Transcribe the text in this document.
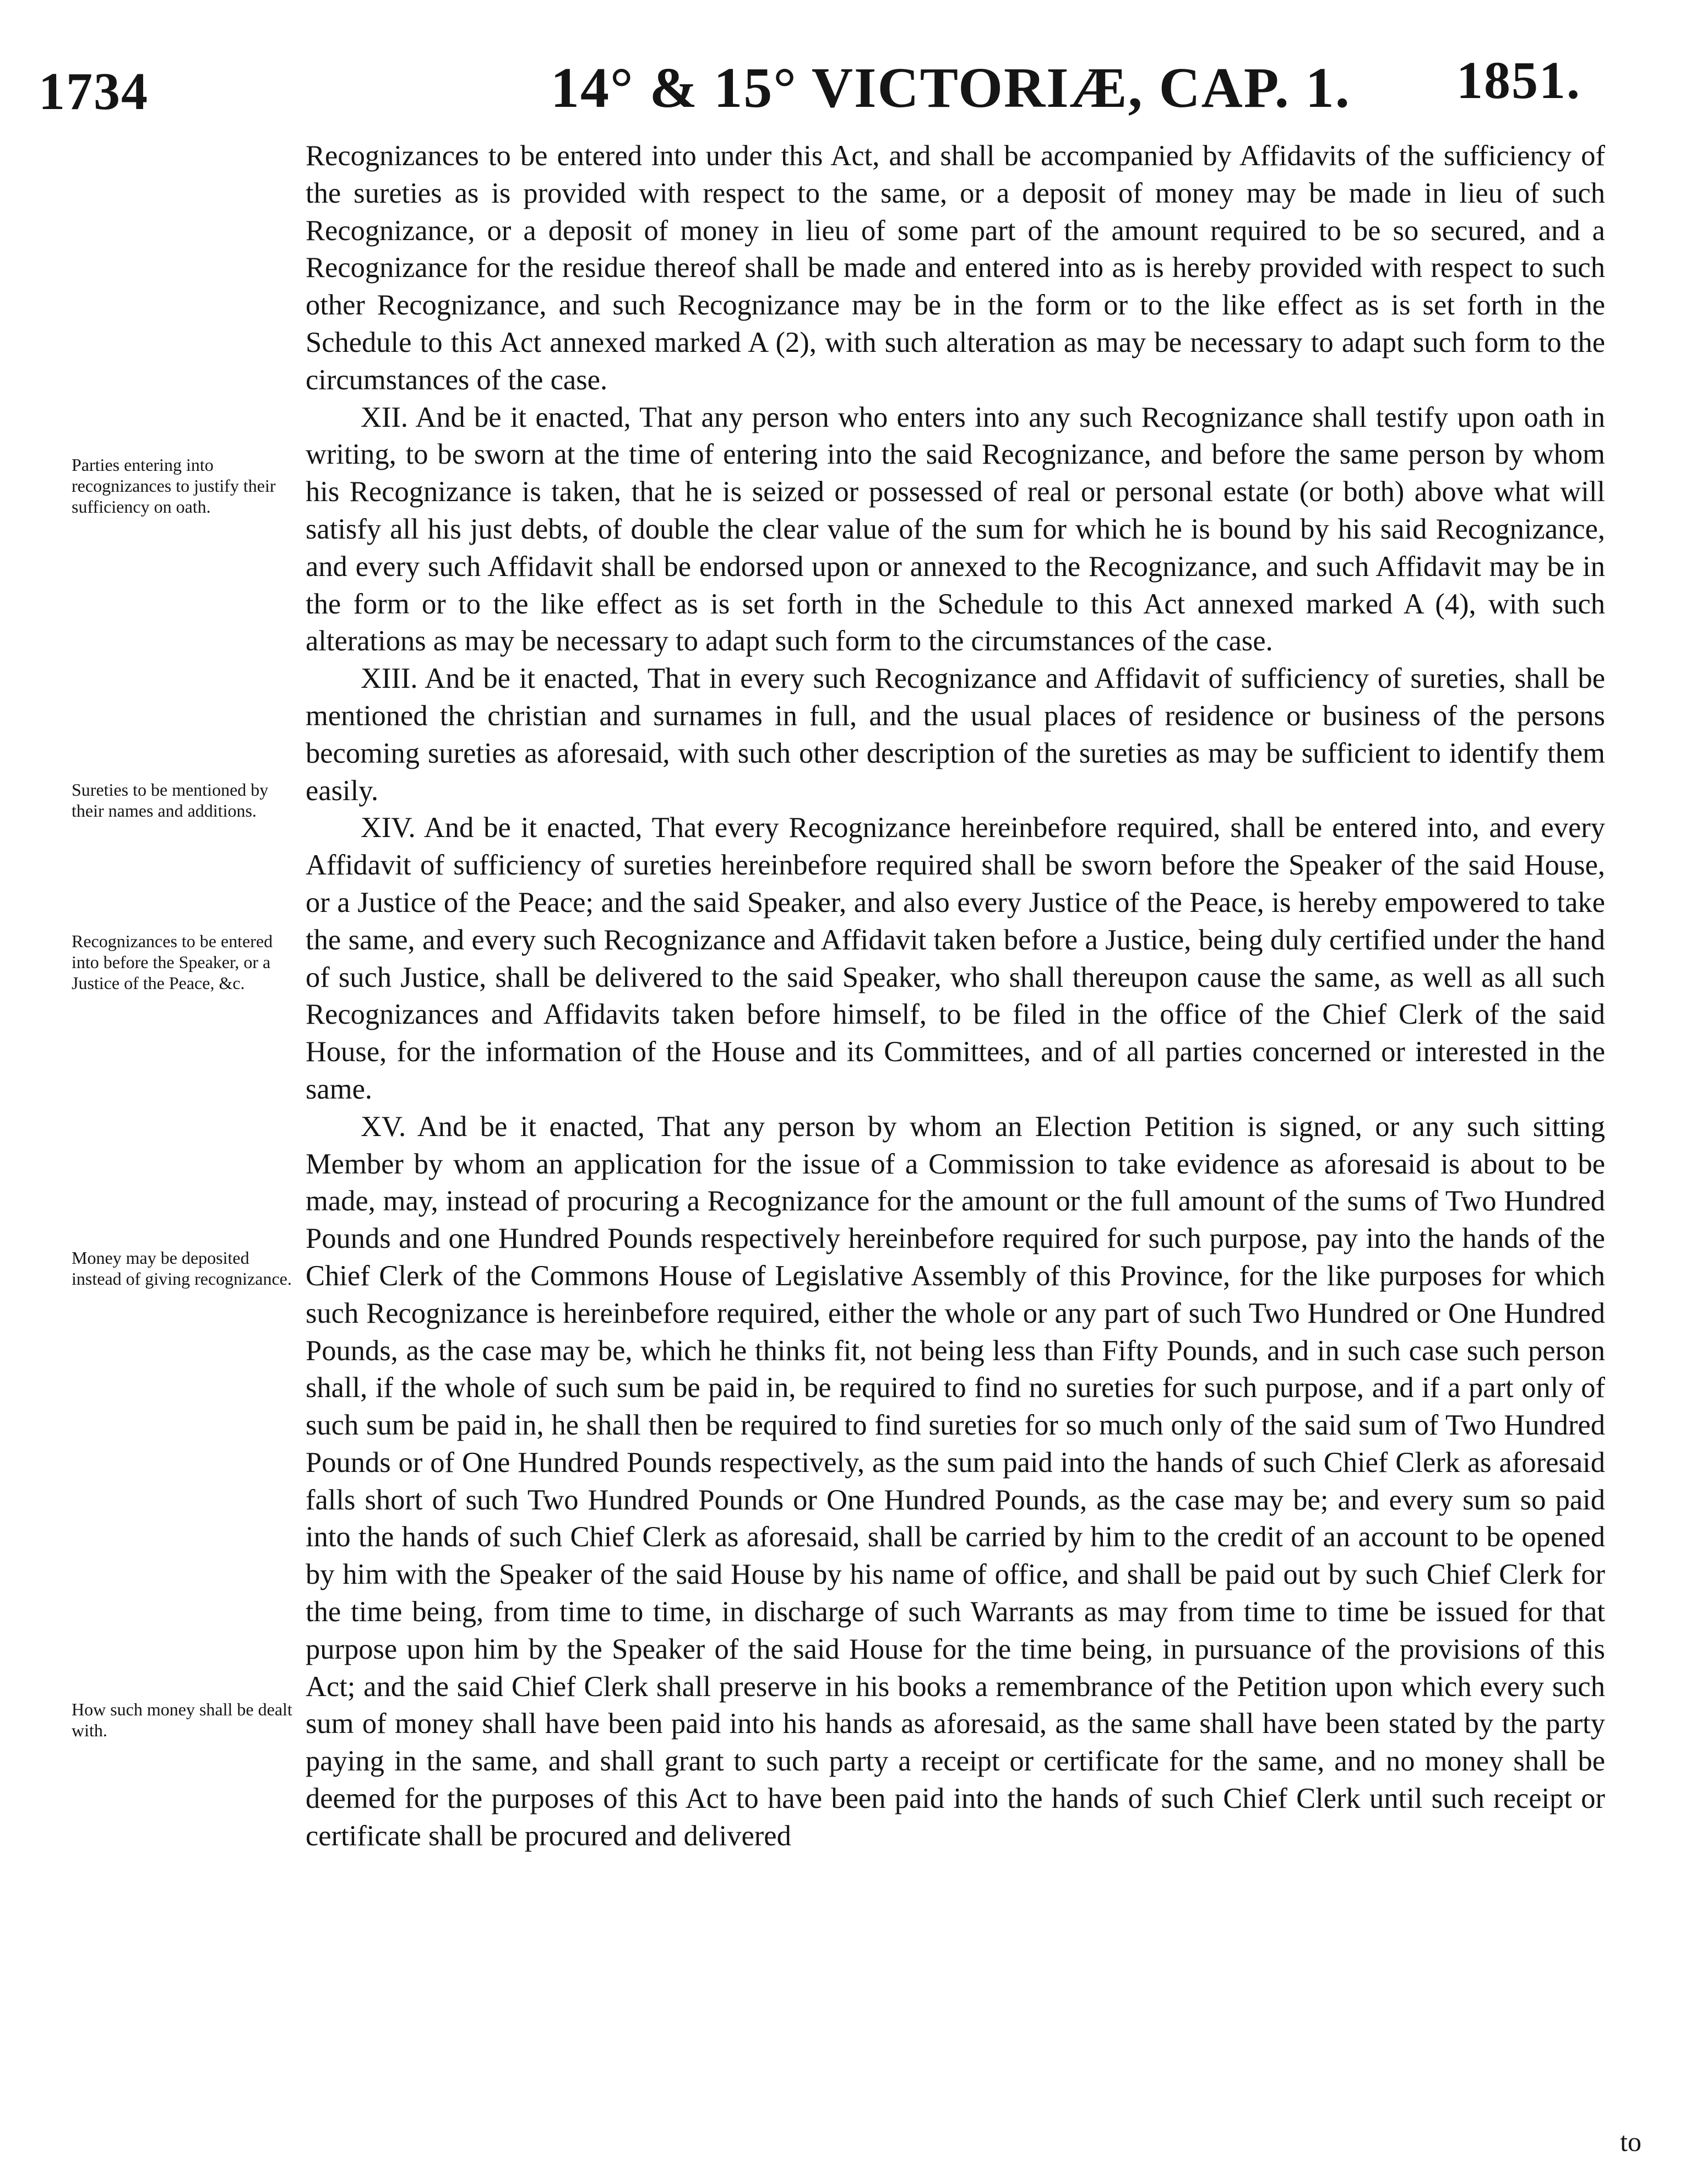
1734	14° & 15° VICTORIÆ, CAP. 1. 1851.
Parties entering into recognizances to justify their sufficiency on oath.
Sureties to be mentioned by their names and additions.
Recognizances to be entered into before the Speaker, or a Justice of the Peace, &c.
Money may be deposited instead of giving recognizance.
How such money shall be dealt with.

Recognizances to be entered into under this Act, and shall be accompanied by Affidavits of the sufficiency of the sureties as is provided with respect to the same, or a deposit of money may be made in lieu of such Recognizance, or a deposit of money in lieu of some part of the amount required to be so secured, and a Recognizance for the residue thereof shall be made and entered into as is hereby provided with respect to such other Recognizance, and such Recognizance may be in the form or to the like effect as is set forth in the Schedule to this Act annexed marked A (2), with such alteration as may be necessary to adapt such form to the circumstances of the case.

XII. And be it enacted, That any person who enters into any such Recognizance shall testify upon oath in writing, to be sworn at the time of entering into the said Recognizance, and before the same person by whom his Recognizance is taken, that he is seized or possessed of real or personal estate (or both) above what will satisfy all his just debts, of double the clear value of the sum for which he is bound by his said Recognizance, and every such Affidavit shall be endorsed upon or annexed to the Recognizance, and such Affidavit may be in the form or to the like effect as is set forth in the Schedule to this Act annexed marked A (4), with such alterations as may be necessary to adapt such form to the circumstances of the case.

XIII. And be it enacted, That in every such Recognizance and Affidavit of sufficiency of sureties, shall be mentioned the christian and surnames in full, and the usual places of residence or business of the persons becoming sureties as aforesaid, with such other description of the sureties as may be sufficient to identify them easily.

XIV. And be it enacted, That every Recognizance hereinbefore required, shall be entered into, and every Affidavit of sufficiency of sureties hereinbefore required shall be sworn before the Speaker of the said House, or a Justice of the Peace; and the said Speaker, and also every Justice of the Peace, is hereby empowered to take the same, and every such Recognizance and Affidavit taken before a Justice, being duly certified under the hand of such Justice, shall be delivered to the said Speaker, who shall thereupon cause the same, as well as all such Recognizances and Affidavits taken before himself, to be filed in the office of the Chief Clerk of the said House, for the information of the House and its Committees, and of all parties concerned or interested in the same.

XV. And be it enacted, That any person by whom an Election Petition is signed, or any such sitting Member by whom an application for the issue of a Commission to take evidence as aforesaid is about to be made, may, instead of procuring a Recognizance for the amount or the full amount of the sums of Two Hundred Pounds and one Hundred Pounds respectively hereinbefore required for such purpose, pay into the hands of the Chief Clerk of the Commons House of Legislative Assembly of this Province, for the like purposes for which such Recognizance is hereinbefore required, either the whole or any part of such Two Hundred or One Hundred Pounds, as the case may be, which he thinks fit, not being less than Fifty Pounds, and in such case such person shall, if the whole of such sum be paid in, be required to find no sureties for such purpose, and if a part only of such sum be paid in, he shall then be required to find sureties for so much only of the said sum of Two Hundred Pounds or of One Hundred Pounds respectively, as the sum paid into the hands of such Chief Clerk as aforesaid falls short of such Two Hundred Pounds or One Hundred Pounds, as the case may be; and every sum so paid into the hands of such Chief Clerk as aforesaid, shall be carried by him to the credit of an account to be opened by him with the Speaker of the said House by his name of office, and shall be paid out by such Chief Clerk for the time being, from time to time, in discharge of such Warrants as may from time to time be issued for that purpose upon him by the Speaker of the said House for the time being, in pursuance of the provisions of this Act; and the said Chief Clerk shall preserve in his books a remembrance of the Petition upon which every such sum of money shall have been paid into his hands as aforesaid, as the same shall have been stated by the party paying in the same, and shall grant to such party a receipt or certificate for the same, and no money shall be deemed for the purposes of this Act to have been paid into the hands of such Chief Clerk until such receipt or certificate shall be procured and delivered

to
